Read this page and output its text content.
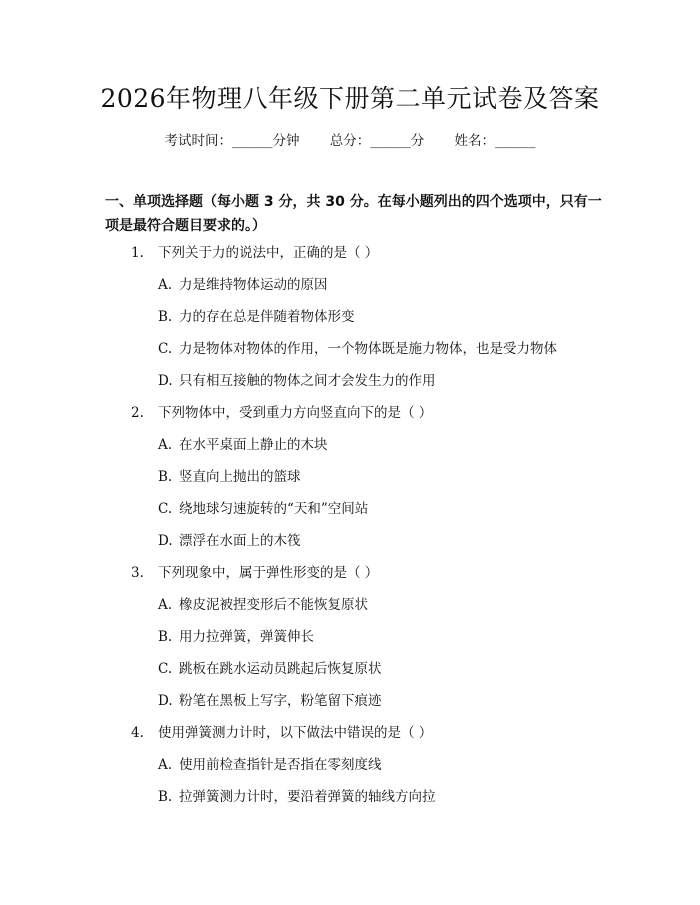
2026年物理八年级下册第二单元试卷及答案
考试时间：______分钟 总分：______分 姓名：______
一、单项选择题（每小题 3 分，共 30 分。在每小题列出的四个选项中，只有一项是最符合题目要求的。）
1. 下列关于力的说法中，正确的是（ ）
A. 力是维持物体运动的原因
B. 力的存在总是伴随着物体形变
C. 力是物体对物体的作用，一个物体既是施力物体，也是受力物体
D. 只有相互接触的物体之间才会发生力的作用
2. 下列物体中，受到重力方向竖直向下的是（ ）
A. 在水平桌面上静止的木块
B. 竖直向上抛出的篮球
C. 绕地球匀速旋转的“天和”空间站
D. 漂浮在水面上的木筏
3. 下列现象中，属于弹性形变的是（ ）
A. 橡皮泥被捏变形后不能恢复原状
B. 用力拉弹簧，弹簧伸长
C. 跳板在跳水运动员跳起后恢复原状
D. 粉笔在黑板上写字，粉笔留下痕迹
4. 使用弹簧测力计时，以下做法中错误的是（ ）
A. 使用前检查指针是否指在零刻度线
B. 拉弹簧测力计时，要沿着弹簧的轴线方向拉
